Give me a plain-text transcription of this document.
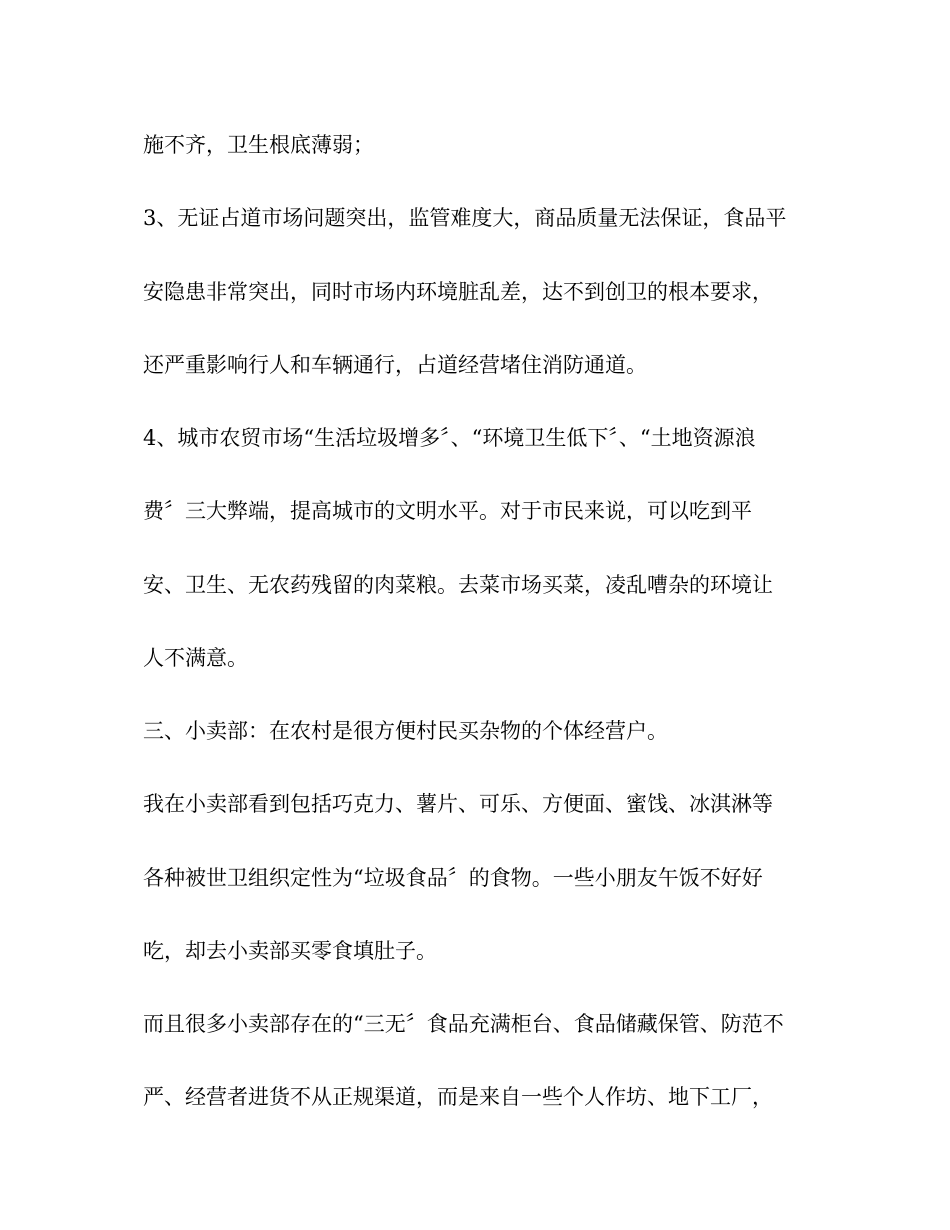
施不齐，卫生根底薄弱；
3、无证占道市场问题突出，监管难度大，商品质量无法保证，食品平
安隐患非常突出，同时市场内环境脏乱差，达不到创卫的根本要求，
还严重影响行人和车辆通行，占道经营堵住消防通道。
4、城市农贸市场“生活垃圾增多〞、“环境卫生低下〞、“土地资源浪
费〞三大弊端，提高城市的文明水平。对于市民来说，可以吃到平
安、卫生、无农药残留的肉菜粮。去菜市场买菜，凌乱嘈杂的环境让
人不满意。
三、小卖部：在农村是很方便村民买杂物的个体经营户。
我在小卖部看到包括巧克力、薯片、可乐、方便面、蜜饯、冰淇淋等
各种被世卫组织定性为“垃圾食品〞的食物。一些小朋友午饭不好好
吃，却去小卖部买零食填肚子。
而且很多小卖部存在的“三无〞食品充满柜台、食品储藏保管、防范不
严、经营者进货不从正规渠道，而是来自一些个人作坊、地下工厂，
